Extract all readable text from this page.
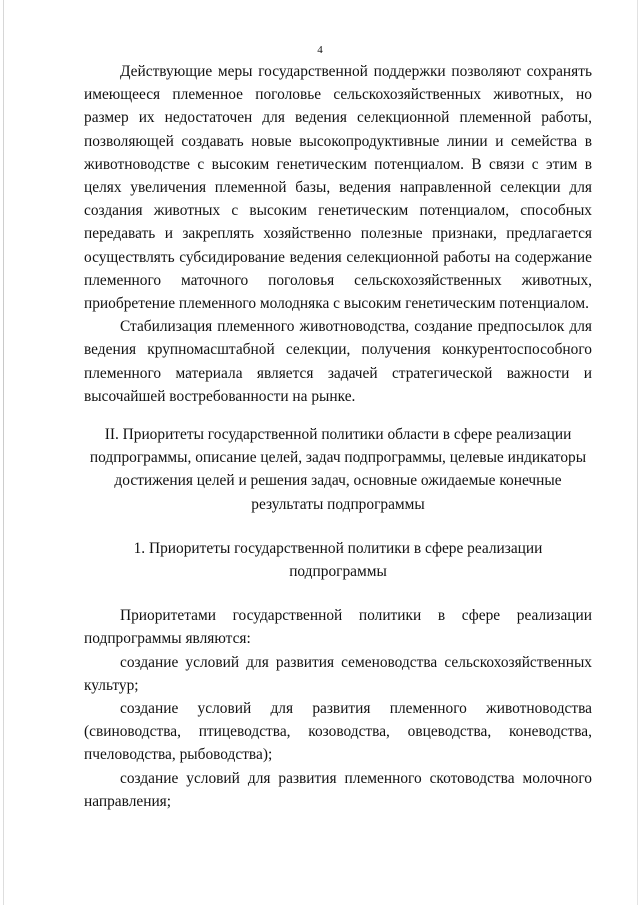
4

Действующие меры государственной поддержки позволяют сохранять имеющееся племенное поголовье сельскохозяйственных животных, но размер их недостаточен для ведения селекционной племенной работы, позволяющей создавать новые высокопродуктивные линии и семейства в животноводстве с высоким генетическим потенциалом. В связи с этим в целях увеличения племенной базы, ведения направленной селекции для создания животных с высоким генетическим потенциалом, способных передавать и закреплять хозяйственно полезные признаки, предлагается осуществлять субсидирование ведения селекционной работы на содержание племенного маточного поголовья сельскохозяйственных животных, приобретение племенного молодняка с высоким генетическим потенциалом.

Стабилизация племенного животноводства, создание предпосылок для ведения крупномасштабной селекции, получения конкурентоспособного племенного материала является задачей стратегической важности и высочайшей востребованности на рынке.

II. Приоритеты государственной политики области в сфере реализации подпрограммы, описание целей, задач подпрограммы, целевые индикаторы достижения целей и решения задач, основные ожидаемые конечные результаты подпрограммы

1. Приоритеты государственной политики в сфере реализации подпрограммы

Приоритетами государственной политики в сфере реализации подпрограммы являются:

создание условий для развития семеноводства сельскохозяйственных культур;

создание условий для развития племенного животноводства (свиноводства, птицеводства, козоводства, овцеводства, коневодства, пчеловодства, рыбоводства);

создание условий для развития племенного скотоводства молочного направления;
